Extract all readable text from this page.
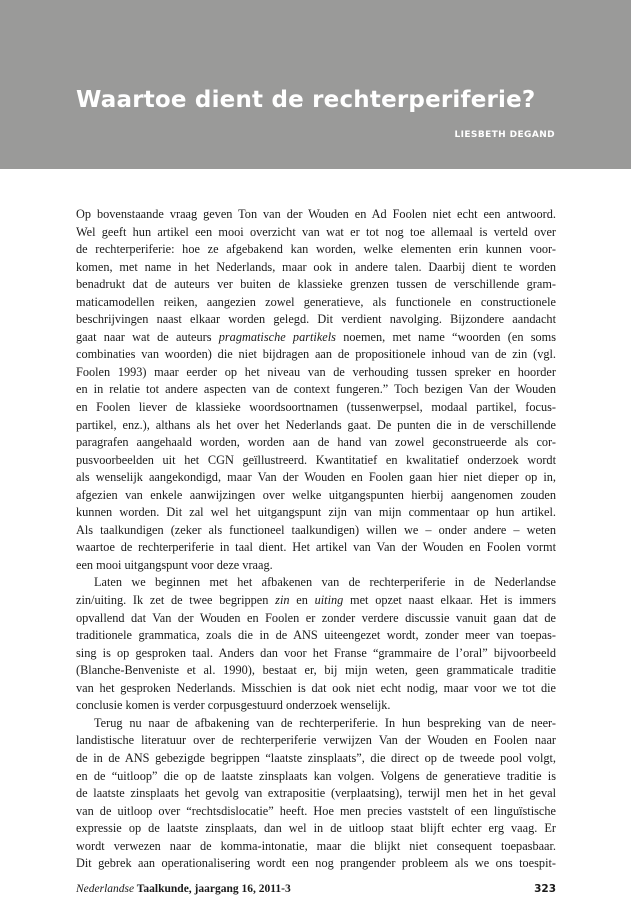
Waartoe dient de rechterperiferie?
LIESBETH DEGAND
Op bovenstaande vraag geven Ton van der Wouden en Ad Foolen niet echt een antwoord.
Wel geeft hun artikel een mooi overzicht van wat er tot nog toe allemaal is verteld over
de rechterperiferie: hoe ze afgebakend kan worden, welke elementen erin kunnen voor-
komen, met name in het Nederlands, maar ook in andere talen. Daarbij dient te worden
benadrukt dat de auteurs ver buiten de klassieke grenzen tussen de verschillende gram-
maticamodellen reiken, aangezien zowel generatieve, als functionele en constructionele
beschrijvingen naast elkaar worden gelegd. Dit verdient navolging. Bijzondere aandacht
gaat naar wat de auteurs pragmatische partikels noemen, met name “woorden (en soms
combinaties van woorden) die niet bijdragen aan de propositionele inhoud van de zin (vgl.
Foolen 1993) maar eerder op het niveau van de verhouding tussen spreker en hoorder
en in relatie tot andere aspecten van de context fungeren.” Toch bezigen Van der Wouden
en Foolen liever de klassieke woordsoortnamen (tussenwerpsel, modaal partikel, focus-
partikel, enz.), althans als het over het Nederlands gaat. De punten die in de verschillende
paragrafen aangehaald worden, worden aan de hand van zowel geconstrueerde als cor-
pusvoorbeelden uit het CGN geïllustreerd. Kwantitatief en kwalitatief onderzoek wordt
als wenselijk aangekondigd, maar Van der Wouden en Foolen gaan hier niet dieper op in,
afgezien van enkele aanwijzingen over welke uitgangspunten hierbij aangenomen zouden
kunnen worden. Dit zal wel het uitgangspunt zijn van mijn commentaar op hun artikel.
Als taalkundigen (zeker als functioneel taalkundigen) willen we – onder andere – weten
waartoe de rechterperiferie in taal dient. Het artikel van Van der Wouden en Foolen vormt
een mooi uitgangspunt voor deze vraag.
Laten we beginnen met het afbakenen van de rechterperiferie in de Nederlandse
zin/uiting. Ik zet de twee begrippen zin en uiting met opzet naast elkaar. Het is immers
opvallend dat Van der Wouden en Foolen er zonder verdere discussie vanuit gaan dat de
traditionele grammatica, zoals die in de ANS uiteengezet wordt, zonder meer van toepas-
sing is op gesproken taal. Anders dan voor het Franse “grammaire de l’oral” bijvoorbeeld
(Blanche-Benveniste et al. 1990), bestaat er, bij mijn weten, geen grammaticale traditie
van het gesproken Nederlands. Misschien is dat ook niet echt nodig, maar voor we tot die
conclusie komen is verder corpusgestuurd onderzoek wenselijk.
Terug nu naar de afbakening van de rechterperiferie. In hun bespreking van de neer-
landistische literatuur over de rechterperiferie verwijzen Van der Wouden en Foolen naar
de in de ANS gebezigde begrippen “laatste zinsplaats”, die direct op de tweede pool volgt,
en de “uitloop” die op de laatste zinsplaats kan volgen. Volgens de generatieve traditie is
de laatste zinsplaats het gevolg van extrapositie (verplaatsing), terwijl men het in het geval
van de uitloop over “rechtsdislocatie” heeft. Hoe men precies vaststelt of een linguïstische
expressie op de laatste zinsplaats, dan wel in de uitloop staat blijft echter erg vaag. Er
wordt verwezen naar de komma-intonatie, maar die blijkt niet consequent toepasbaar.
Dit gebrek aan operationalisering wordt een nog prangender probleem als we ons toespit-
Nederlandse Taalkunde, jaargang 16, 2011-3	323
